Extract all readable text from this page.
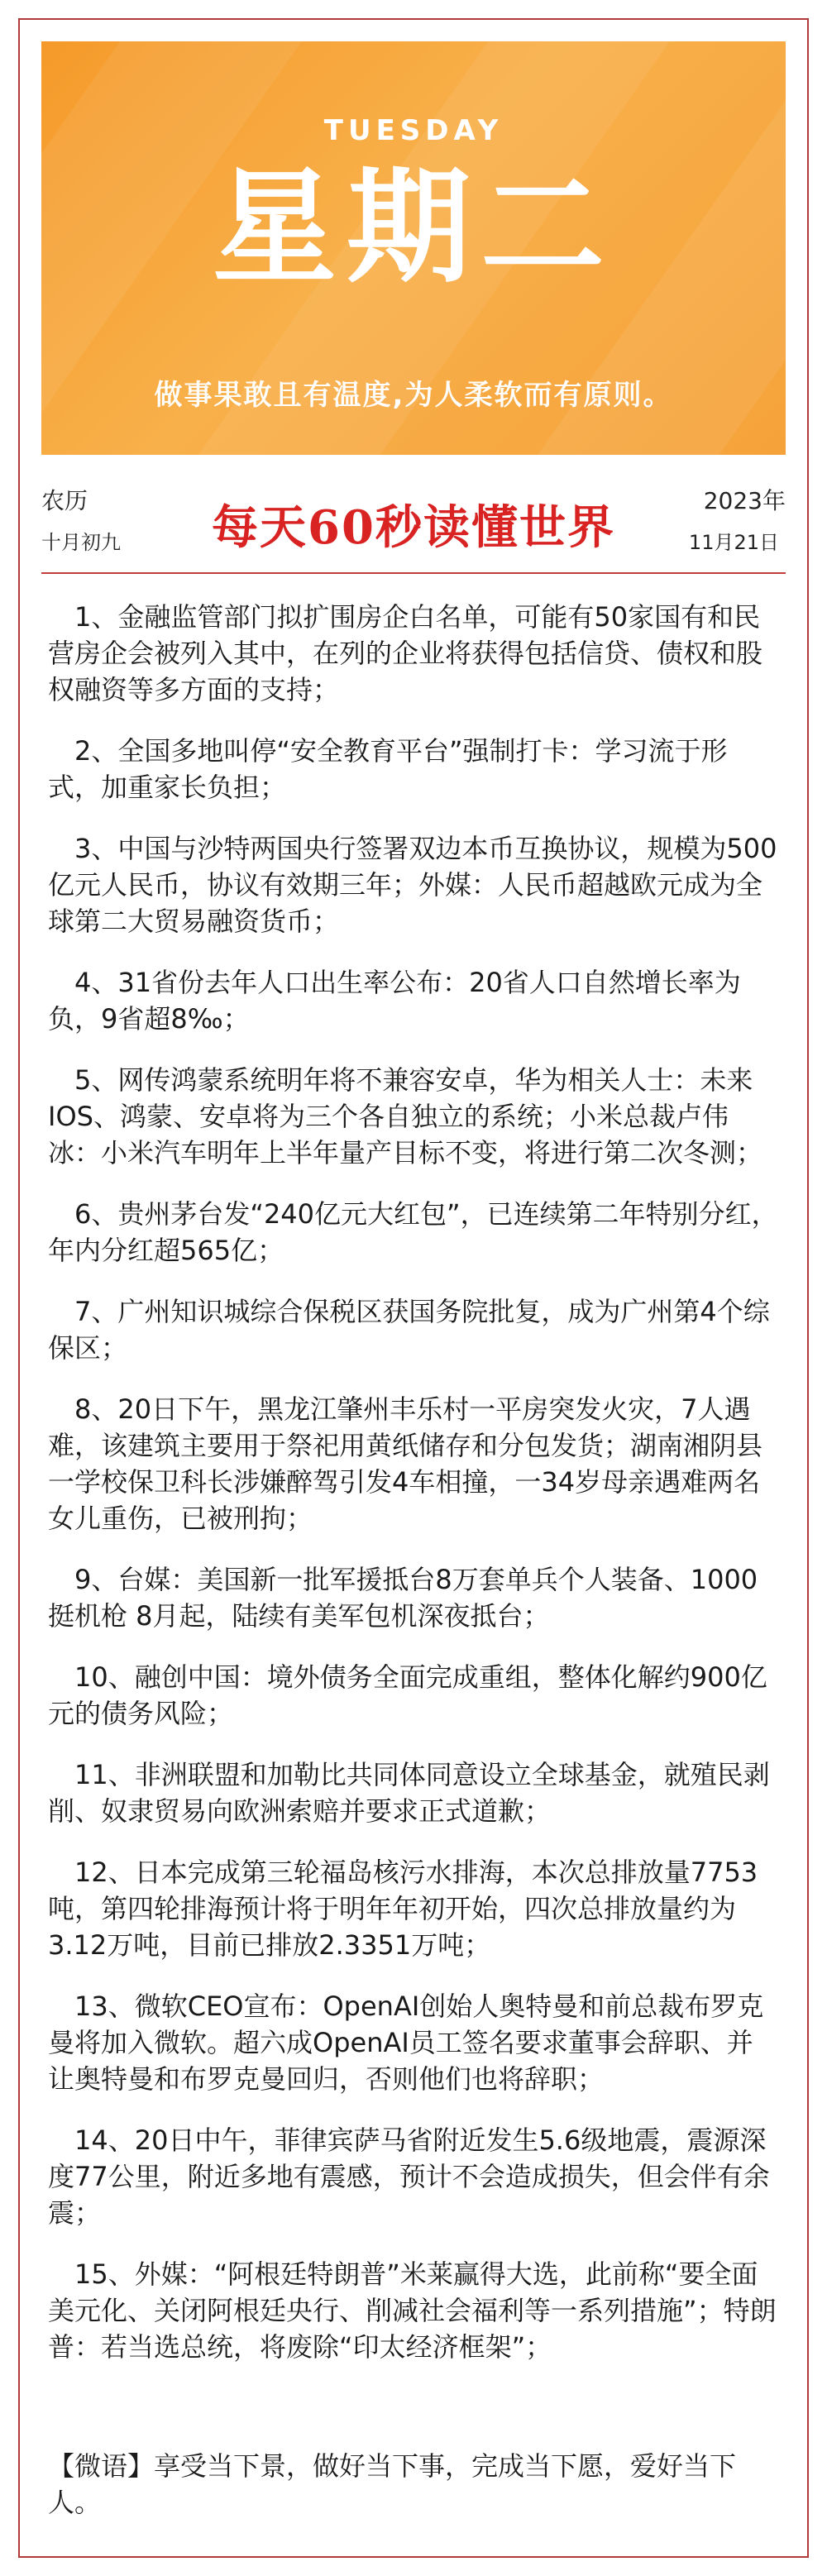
TUESDAY
星期二
做事果敢且有温度,为人柔软而有原则。
农历
十月初九	每天60秒读懂世界	2023年
11月21日
1、金融监管部门拟扩围房企白名单，可能有50家国有和民营房企会被列入其中，在列的企业将获得包括信贷、债权和股权融资等多方面的支持；
2、全国多地叫停“安全教育平台”强制打卡：学习流于形式，加重家长负担；
3、中国与沙特两国央行签署双边本币互换协议，规模为500亿元人民币，协议有效期三年；外媒：人民币超越欧元成为全球第二大贸易融资货币；
4、31省份去年人口出生率公布：20省人口自然增长率为负，9省超8‰；
5、网传鸿蒙系统明年将不兼容安卓，华为相关人士：未来IOS、鸿蒙、安卓将为三个各自独立的系统；小米总裁卢伟冰：小米汽车明年上半年量产目标不变，将进行第二次冬测；
6、贵州茅台发“240亿元大红包”，已连续第二年特别分红，年内分红超565亿；
7、广州知识城综合保税区获国务院批复，成为广州第4个综保区；
8、20日下午，黑龙江肇州丰乐村一平房突发火灾，7人遇难，该建筑主要用于祭祀用黄纸储存和分包发货；湖南湘阴县一学校保卫科长涉嫌醉驾引发4车相撞，一34岁母亲遇难两名女儿重伤，已被刑拘；
9、台媒：美国新一批军援抵台8万套单兵个人装备、1000挺机枪 8月起，陆续有美军包机深夜抵台；
10、融创中国：境外债务全面完成重组，整体化解约900亿元的债务风险；
11、非洲联盟和加勒比共同体同意设立全球基金，就殖民剥削、奴隶贸易向欧洲索赔并要求正式道歉；
12、日本完成第三轮福岛核污水排海，本次总排放量7753吨，第四轮排海预计将于明年年初开始，四次总排放量约为3.12万吨，目前已排放2.3351万吨；
13、微软CEO宣布：OpenAI创始人奥特曼和前总裁布罗克曼将加入微软。超六成OpenAI员工签名要求董事会辞职、并让奥特曼和布罗克曼回归，否则他们也将辞职；
14、20日中午，菲律宾萨马省附近发生5.6级地震，震源深度77公里，附近多地有震感，预计不会造成损失，但会伴有余震；
15、外媒：“阿根廷特朗普”米莱赢得大选，此前称“要全面美元化、关闭阿根廷央行、削减社会福利等一系列措施”；特朗普：若当选总统，将废除“印太经济框架”；
【微语】享受当下景，做好当下事，完成当下愿，爱好当下人。
